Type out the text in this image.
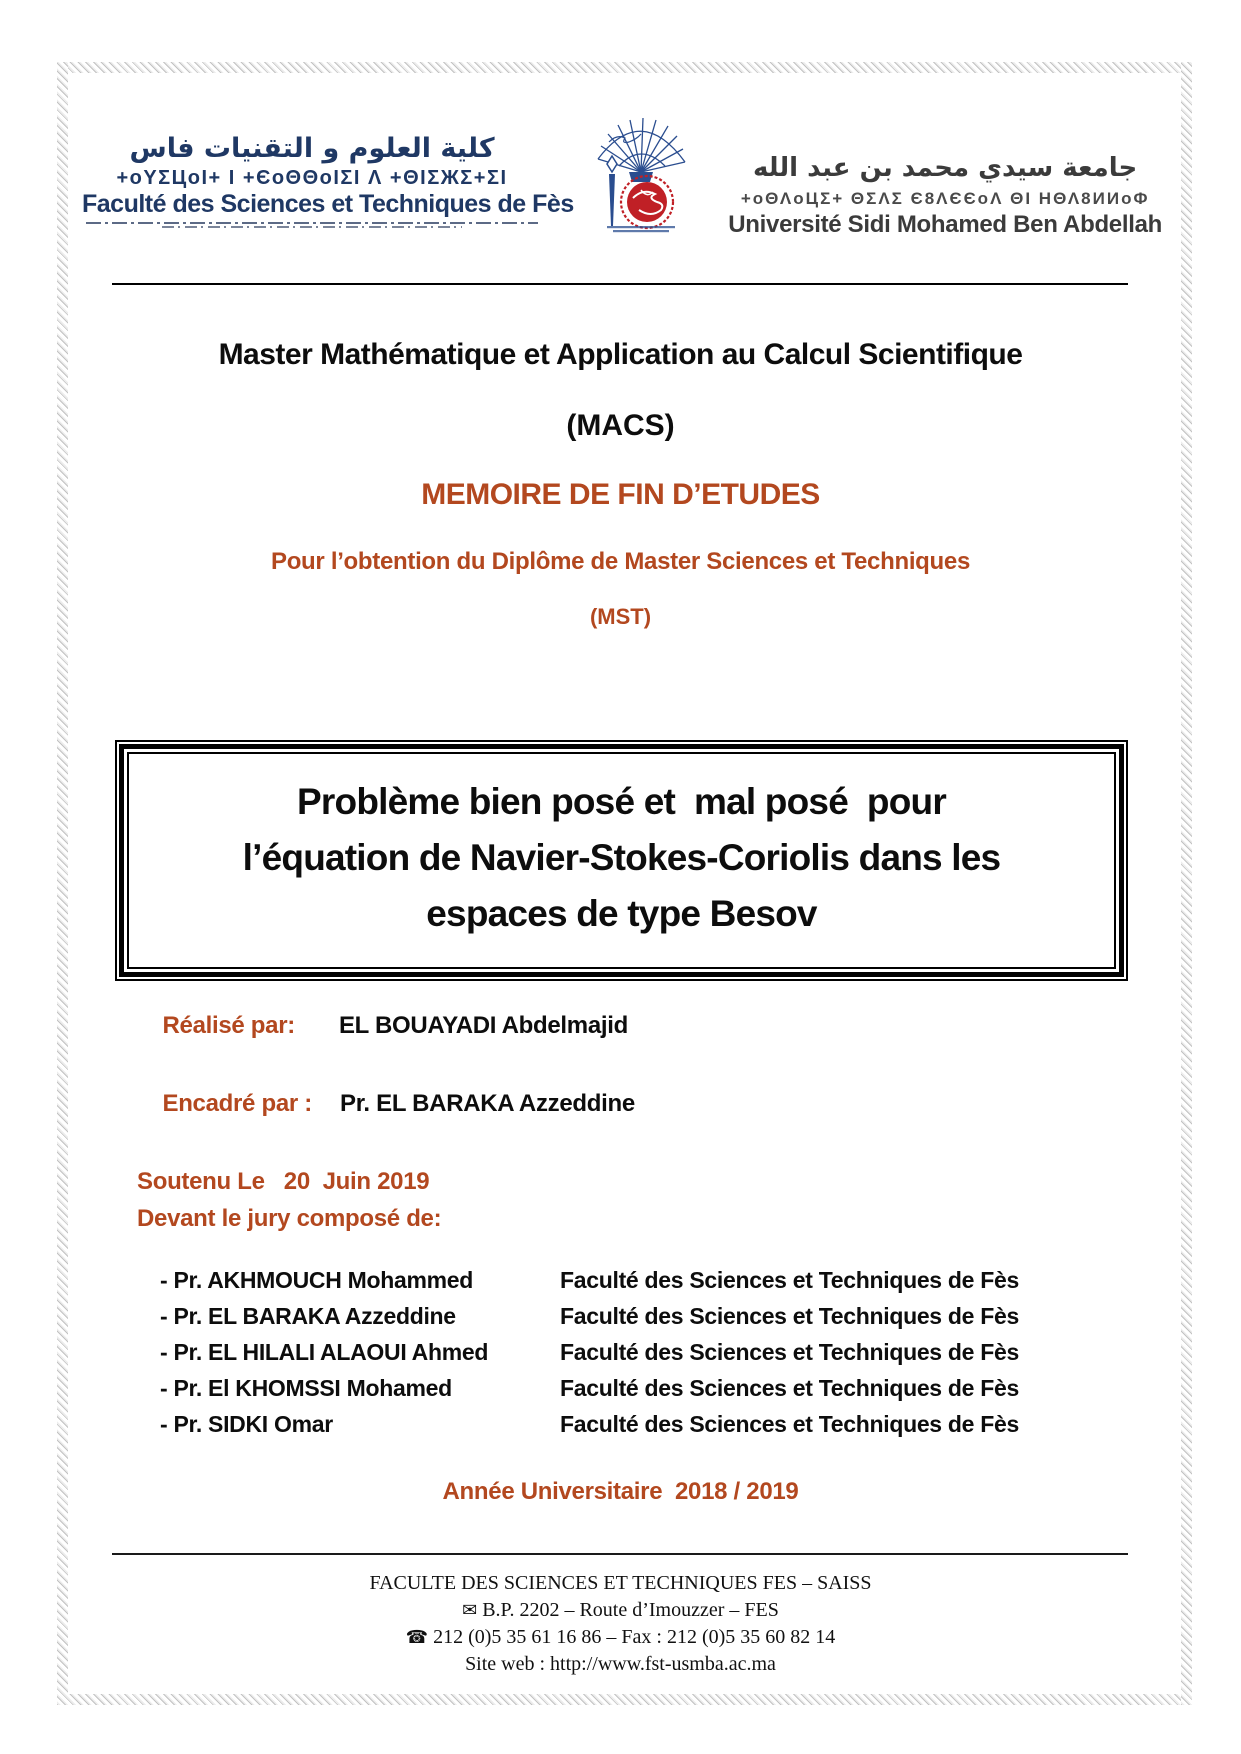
كلية العلوم و التقنيات فاس
+oYΣЦoI+ I +ЄoΘΘoIΣI Λ +ΘIΣЖΣ+ΣI
Faculté des Sciences et Techniques de Fès
جامعة سيدي محمد بن عبد الله
+oΘΛoЦΣ+ ΘΣΛΣ Є8ΛЄЄoΛ ΘI НΘΛ8ИИoΦ
Université Sidi Mohamed Ben Abdellah
Master Mathématique et Application au Calcul Scientifique
(MACS)
MEMOIRE DE FIN D’ETUDES
Pour l’obtention du Diplôme de Master Sciences et Techniques
(MST)
Problème bien posé et  mal posé  pour
l’équation de Navier-Stokes-Coriolis dans les
espaces de type Besov

Réalisé par: EL BOUAYADI Abdelmajid

Encadré par : Pr. EL BARAKA Azzeddine

Soutenu Le   20  Juin 2019
Devant le jury composé de:
- Pr. AKHMOUCH Mohammed	Faculté des Sciences et Techniques de Fès
- Pr. EL BARAKA Azzeddine	Faculté des Sciences et Techniques de Fès
- Pr. EL HILALI ALAOUI Ahmed	Faculté des Sciences et Techniques de Fès
- Pr. El KHOMSSI Mohamed	Faculté des Sciences et Techniques de Fès
- Pr. SIDKI Omar	Faculté des Sciences et Techniques de Fès
Année Universitaire  2018 / 2019
FACULTE DES SCIENCES ET TECHNIQUES FES – SAISS
✉ B.P. 2202 – Route d’Imouzzer – FES
☎ 212 (0)5 35 61 16 86 – Fax : 212 (0)5 35 60 82 14
Site web : http://www.fst-usmba.ac.ma
